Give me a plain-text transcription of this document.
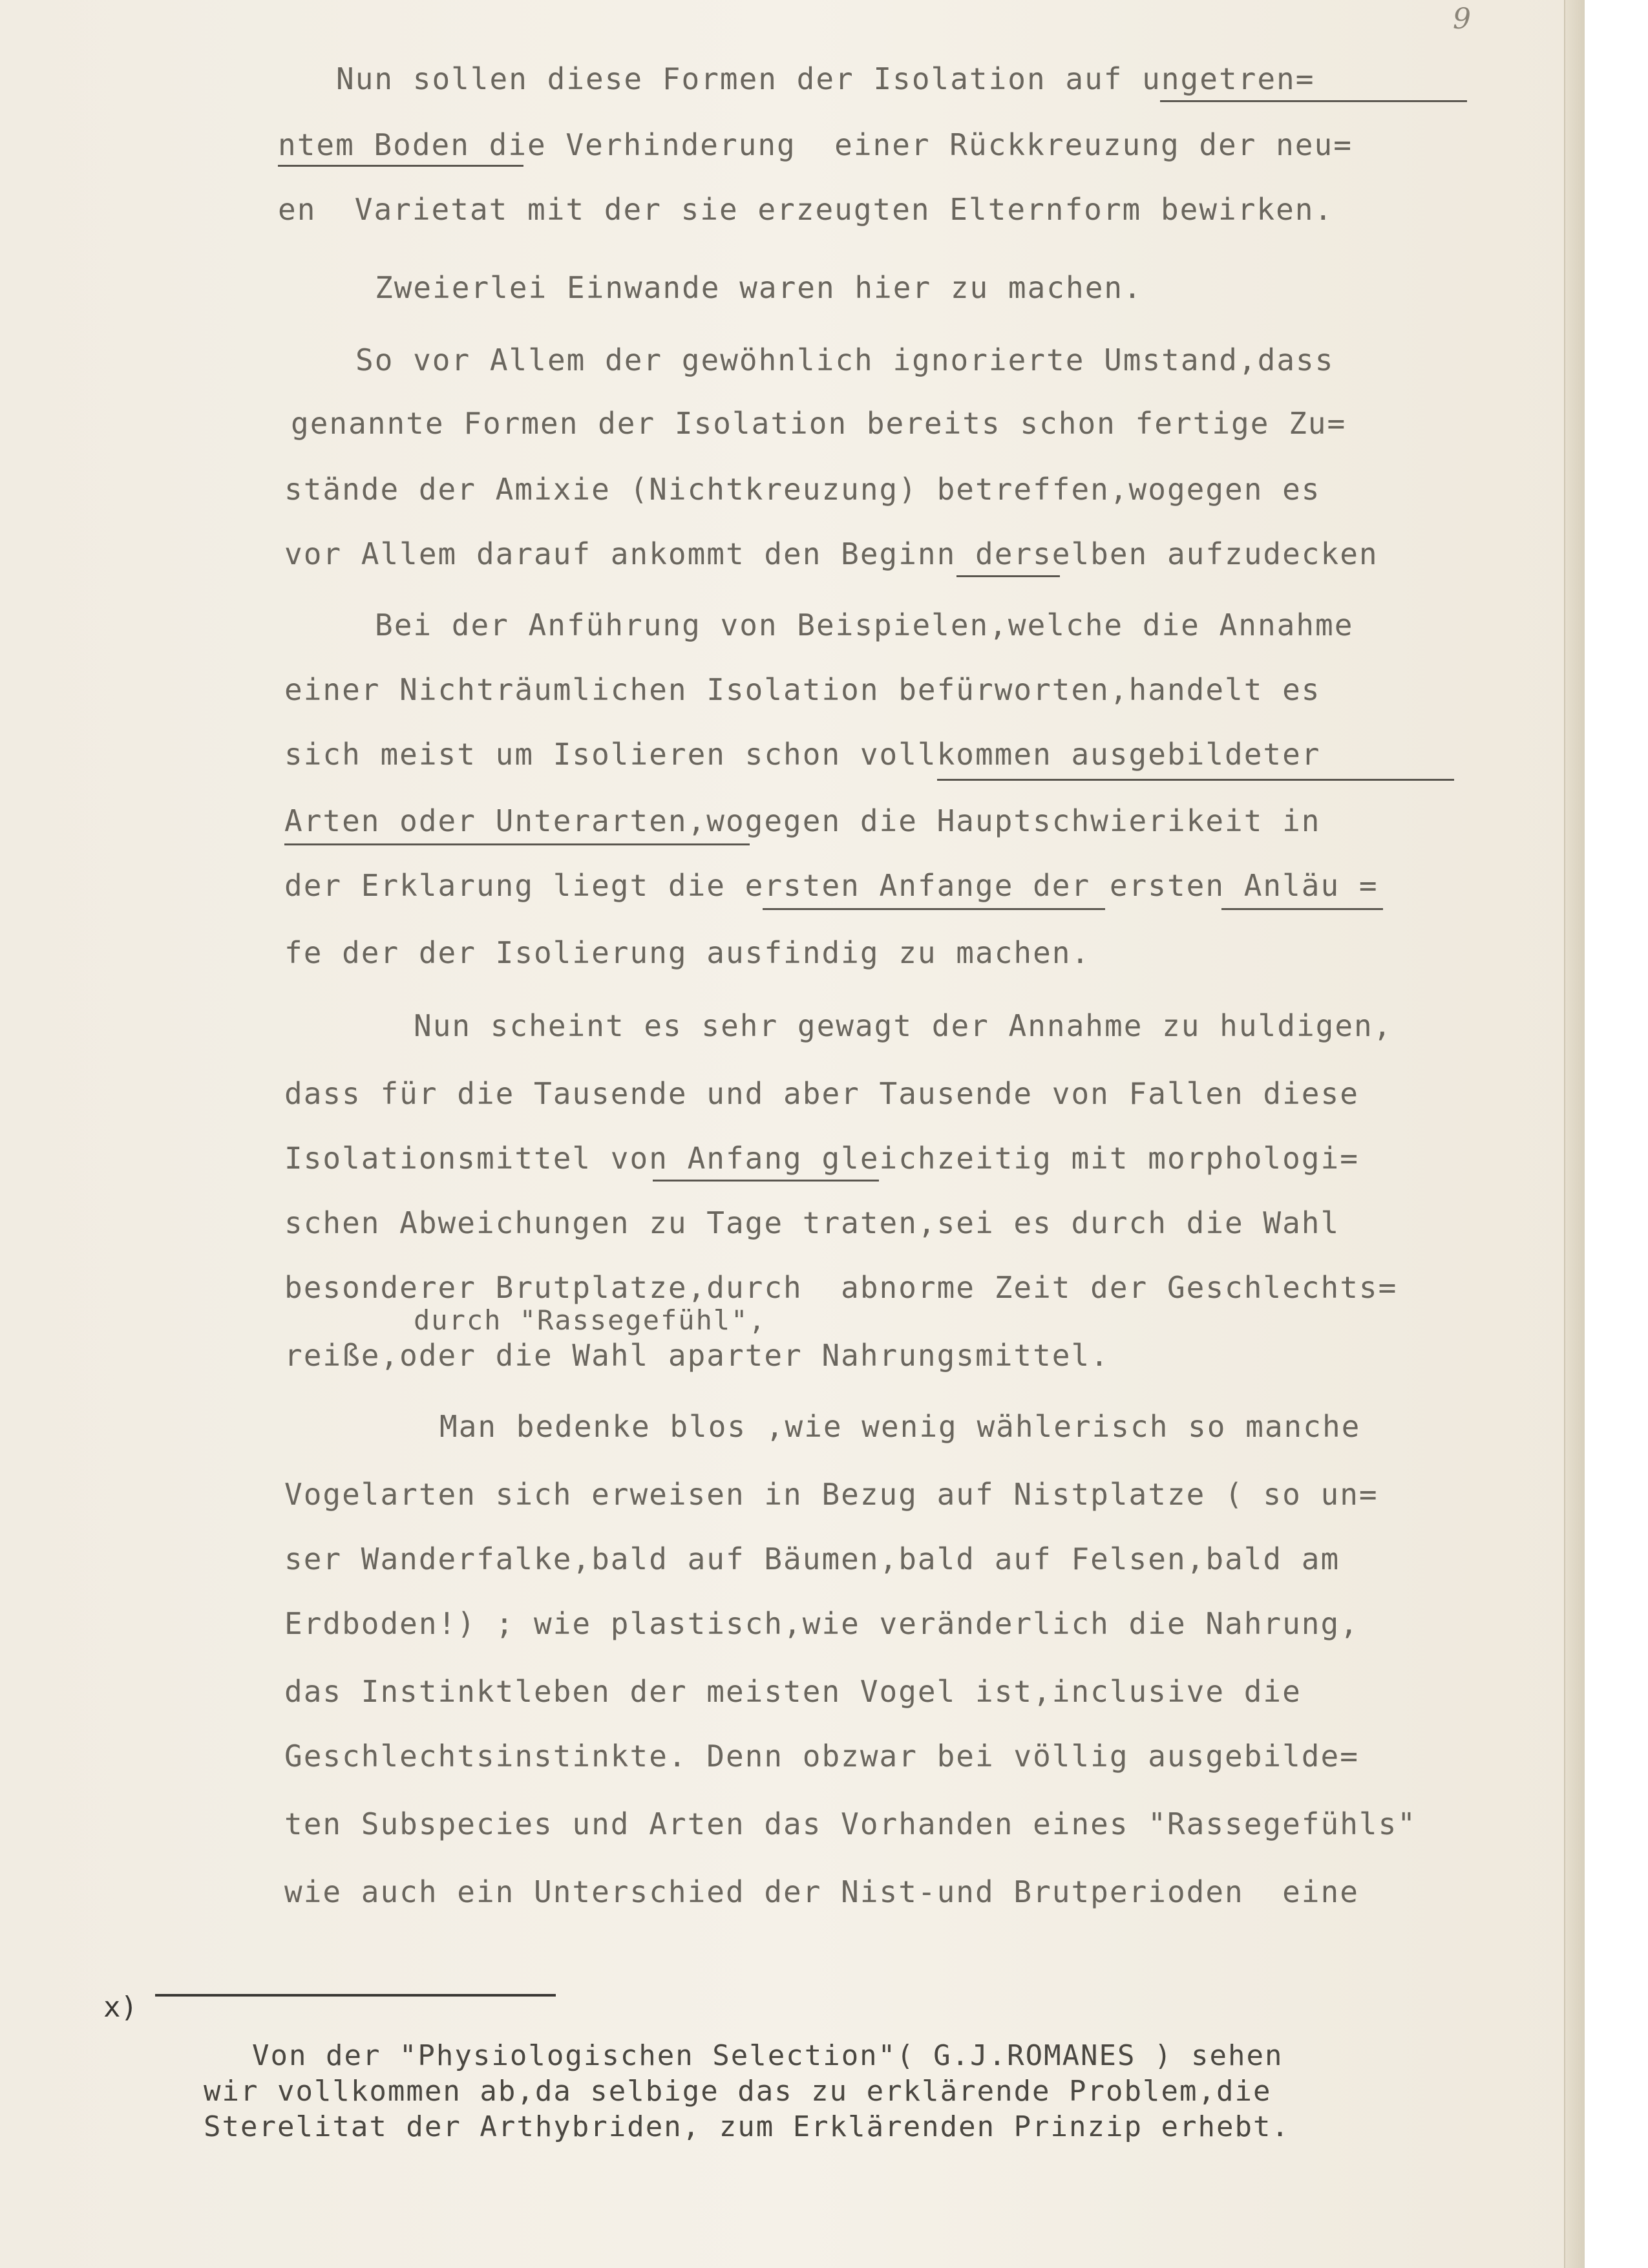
9

Nun sollen diese Formen der Isolation auf ungetren=

ntem Boden die Verhinderung  einer Rückkreuzung der neu=

en  Varietat mit der sie erzeugten Elternform bewirken.

Zweierlei Einwande waren hier zu machen.

So vor Allem der gewöhnlich ignorierte Umstand,dass

genannte Formen der Isolation bereits schon fertige Zu=

stände der Amixie (Nichtkreuzung) betreffen,wogegen es

vor Allem darauf ankommt den Beginn derselben aufzudecken

Bei der Anführung von Beispielen,welche die Annahme

einer Nichträumlichen Isolation befürworten,handelt es

sich meist um Isolieren schon vollkommen ausgebildeter

Arten oder Unterarten,wogegen die Hauptschwierikeit in

der Erklarung liegt die ersten Anfange der ersten Anläu =

fe der der Isolierung ausfindig zu machen.

Nun scheint es sehr gewagt der Annahme zu huldigen,

dass für die Tausende und aber Tausende von Fallen diese

Isolationsmittel von Anfang gleichzeitig mit morphologi=

schen Abweichungen zu Tage traten,sei es durch die Wahl

besonderer Brutplatze,durch  abnorme Zeit der Geschlechts=

durch "Rassegefühl",

reiße,oder die Wahl aparter Nahrungsmittel.

Man bedenke blos ,wie wenig wählerisch so manche

Vogelarten sich erweisen in Bezug auf Nistplatze ( so un=

ser Wanderfalke,bald auf Bäumen,bald auf Felsen,bald am

Erdboden!) ; wie plastisch,wie veränderlich die Nahrung,

das Instinktleben der meisten Vogel ist,inclusive die

Geschlechtsinstinkte. Denn obzwar bei völlig ausgebilde=

ten Subspecies und Arten das Vorhanden eines "Rassegefühls"

wie auch ein Unterschied der Nist-und Brutperioden  eine

x)

Von der "Physiologischen Selection"( G.J.ROMANES ) sehen

wir vollkommen ab,da selbige das zu erklärende Problem,die

Sterelitat der Arthybriden, zum Erklärenden Prinzip erhebt.
